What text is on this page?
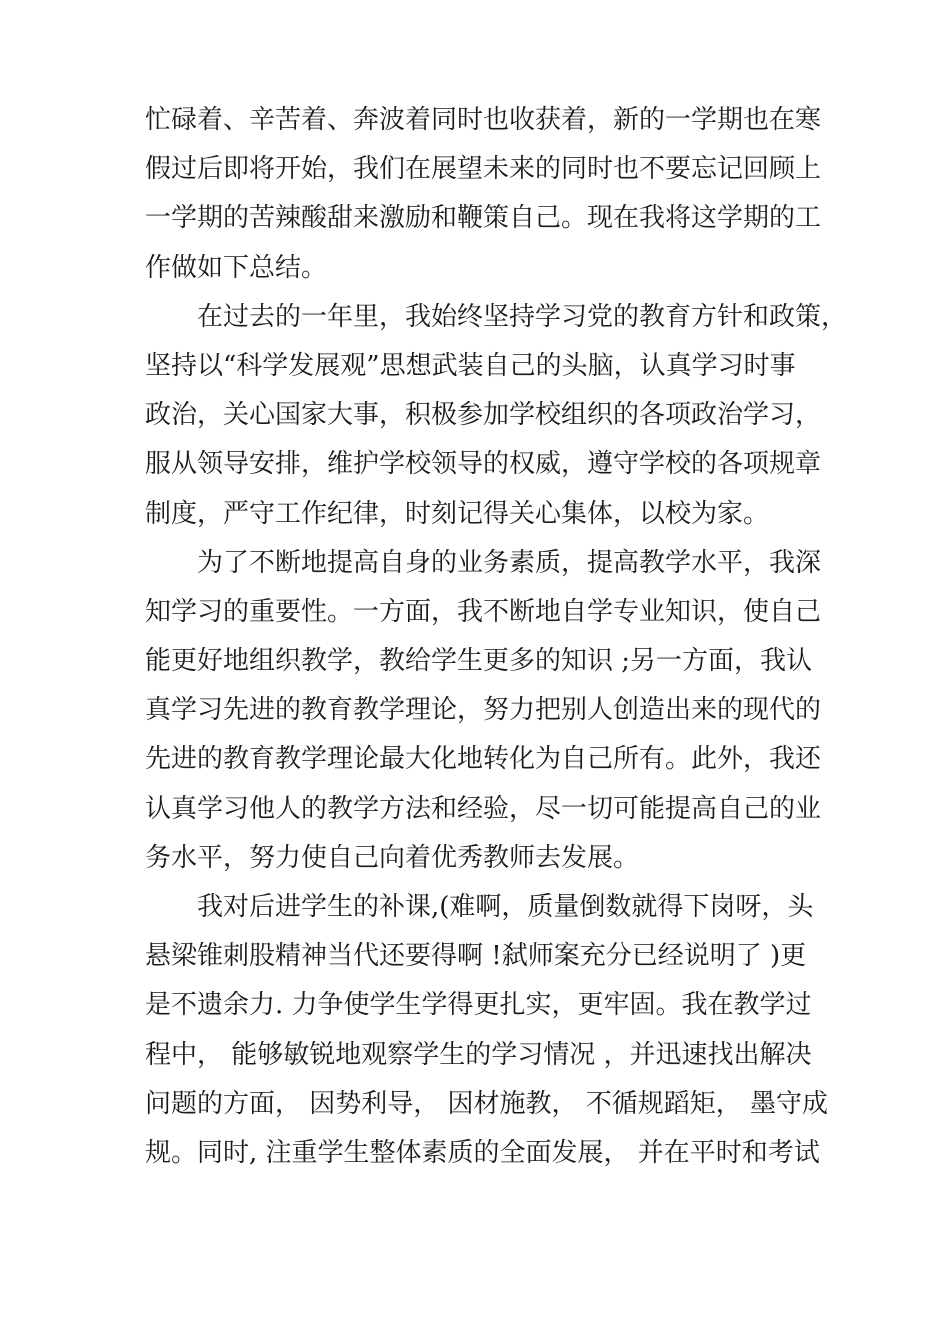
忙碌着、辛苦着、奔波着同时也收获着，新的一学期也在寒
假过后即将开始，我们在展望未来的同时也不要忘记回顾上
一学期的苦辣酸甜来激励和鞭策自己。现在我将这学期的工
作做如下总结。
在过去的一年里，我始终坚持学习党的教育方针和政策，
坚持以“科学发展观”思想武装自己的头脑，认真学习时事
政治，关心国家大事，积极参加学校组织的各项政治学习，
服从领导安排，维护学校领导的权威，遵守学校的各项规章
制度，严守工作纪律，时刻记得关心集体，以校为家。
为了不断地提高自身的业务素质，提高教学水平，我深
知学习的重要性。一方面，我不断地自学专业知识，使自己
能更好地组织教学，教给学生更多的知识 ;另一方面，我认
真学习先进的教育教学理论，努力把别人创造出来的现代的
先进的教育教学理论最大化地转化为自己所有。此外，我还
认真学习他人的教学方法和经验，尽一切可能提高自己的业
务水平，努力使自己向着优秀教师去发展。
我对后进学生的补课,(难啊，质量倒数就得下岗呀，头
悬梁锥刺股精神当代还要得啊 !弑师案充分已经说明了 )更
是不遗余力. 力争使学生学得更扎实，更牢固。我在教学过
程中， 能够敏锐地观察学生的学习情况 ，并迅速找出解决
问题的方面， 因势利导， 因材施教， 不循规蹈矩， 墨守成
规。同时, 注重学生整体素质的全面发展， 并在平时和考试
